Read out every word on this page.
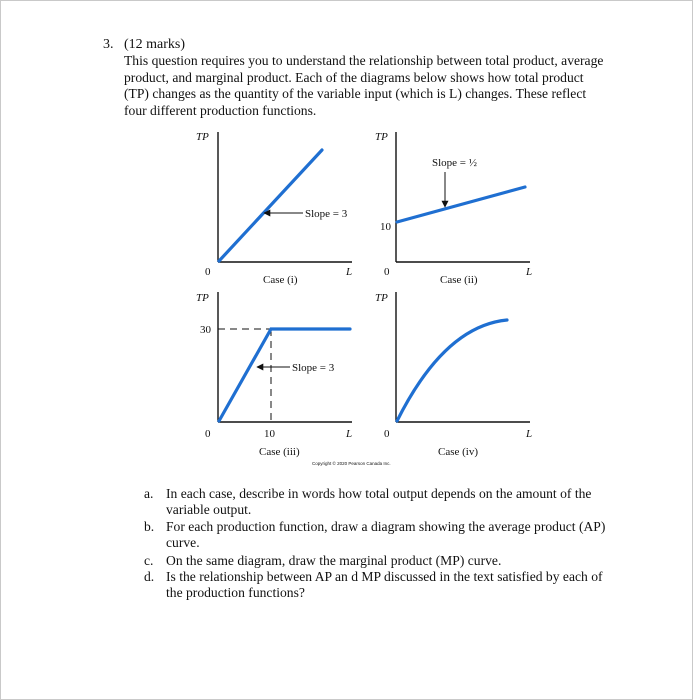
3. (12 marks)

This question requires you to understand the relationship between total product, average
product, and marginal product. Each of the diagrams below shows how total product
(TP) changes as the quantity of the variable input (which is L) changes. These reflect
four different production functions.

TP
Slope = 3
0	L
Case (i)
TP
Slope = ½
10
0	L
Case (ii)
TP
Slope = 3
30
0	10	L
Case (iii)
Copyright © 2020 Pearson Canada Inc.
TP
0	L
Case (iv)
a. In each case, describe in words how total output depends on the amount of the
variable output.
b. For each production function, draw a diagram showing the average product (AP)
curve.
c. On the same diagram, draw the marginal product (MP) curve.
d. Is the relationship between AP an d MP discussed in the text satisfied by each of
the production functions?
